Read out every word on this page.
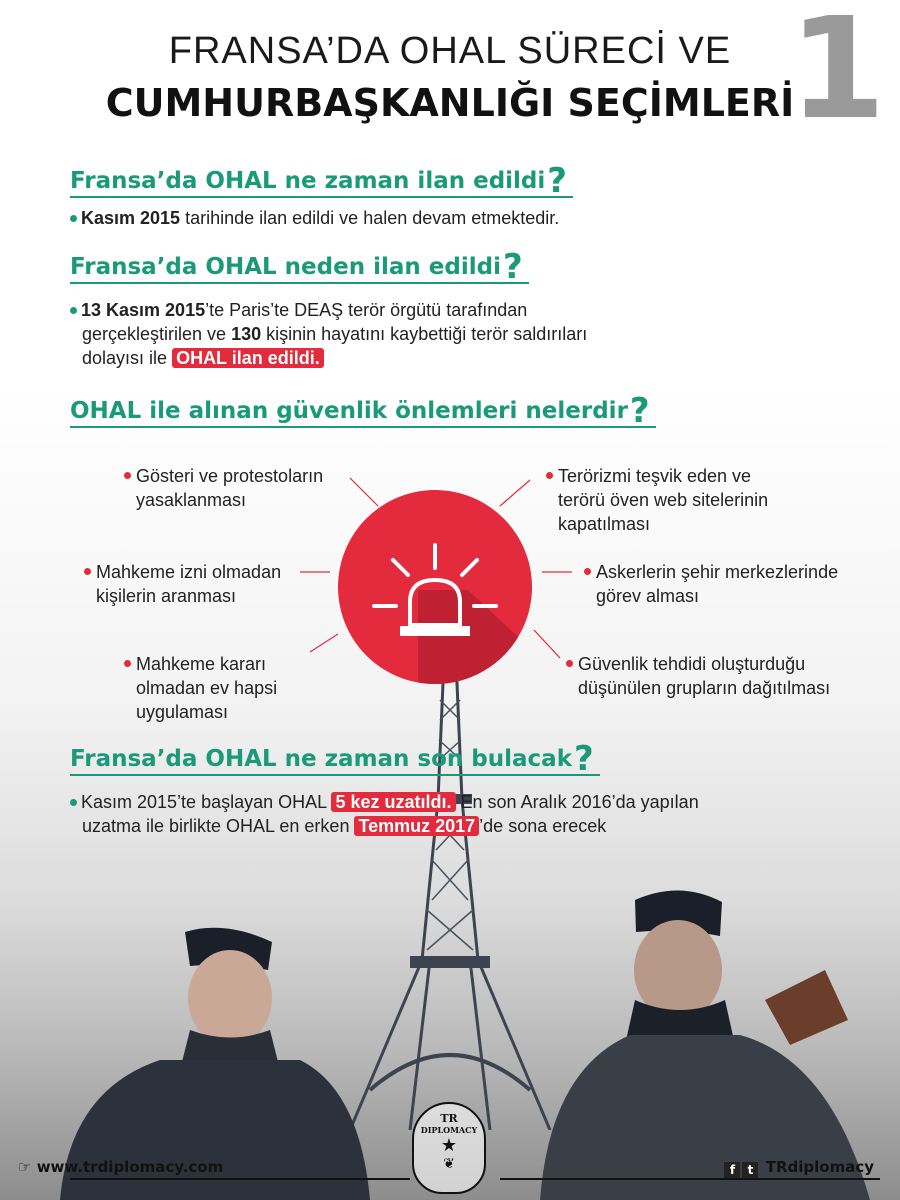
1
FRANSA’DA OHAL SÜRECİ VE
CUMHURBAŞKANLIĞI SEÇİMLERİ
Fransa’da OHAL ne zaman ilan edildi?
Kasım 2015 tarihinde ilan edildi ve halen devam etmektedir.
Fransa’da OHAL neden ilan edildi?
13 Kasım 2015’te Paris’te DEAŞ terör örgütü tarafından
gerçekleştirilen ve 130 kişinin hayatını kaybettiği terör saldırıları
dolayısı ile OHAL ilan edildi.
OHAL ile alınan güvenlik önlemleri nelerdir?
Gösteri ve protestoların
yasaklanması
Mahkeme izni olmadan
kişilerin aranması
Mahkeme kararı
olmadan ev hapsi
uygulaması
Terörizmi teşvik eden ve
terörü öven web sitelerinin
kapatılması
Askerlerin şehir merkezlerinde
görev alması
Güvenlik tehdidi oluşturduğu
düşünülen grupların dağıtılması
Fransa’da OHAL ne zaman son bulacak?
Kasım 2015’te başlayan OHAL 5 kez uzatıldı. En son Aralık 2016’da yapılan
uzatma ile birlikte OHAL en erken Temmuz 2017 ’de sona erecek
TR
DIPLOMACY
★
❦
☞ www.trdiplomacy.com	f t TRdiplomacy
